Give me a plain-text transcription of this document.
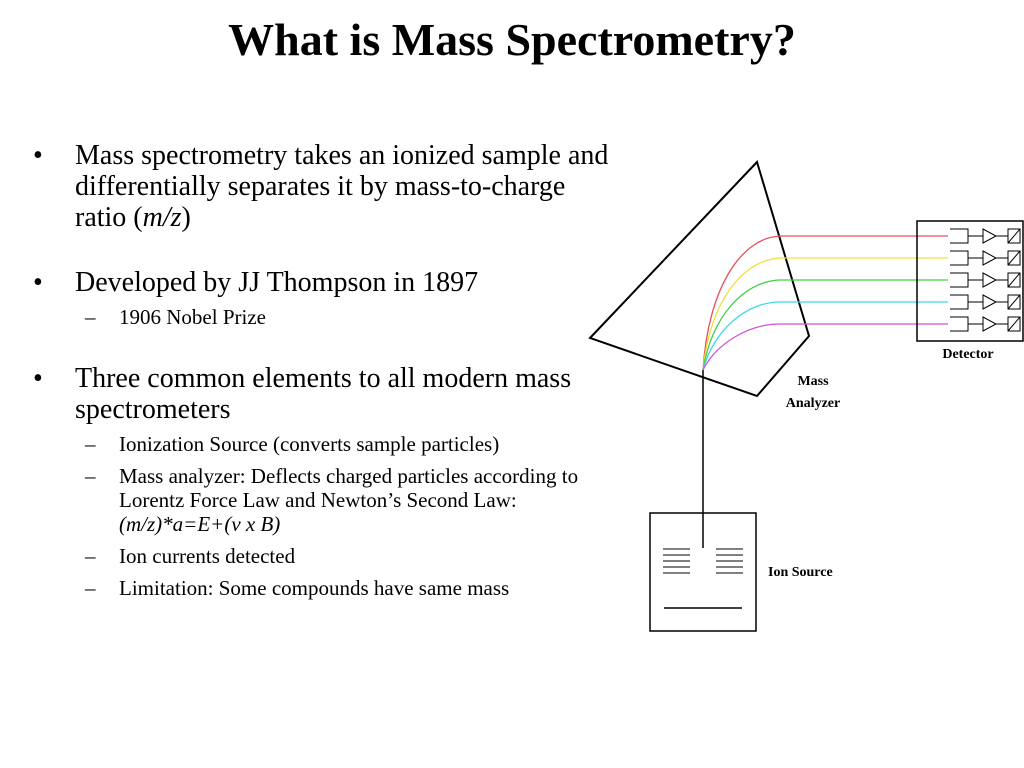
What is Mass Spectrometry?
• Mass spectrometry takes an ionized sample and differentially separates it by mass-to-charge ratio (m/z)
• Developed by JJ Thompson in 1897
– 1906 Nobel Prize
• Three common elements to all modern mass spectrometers
– Ionization Source (converts sample particles)
– Mass analyzer: Deflects charged particles according to Lorentz Force Law and Newton’s Second Law: (m/z)*a=E+(v x B)
– Ion currents detected
– Limitation: Some compounds have same mass
Detector
Mass
Analyzer
Ion Source
